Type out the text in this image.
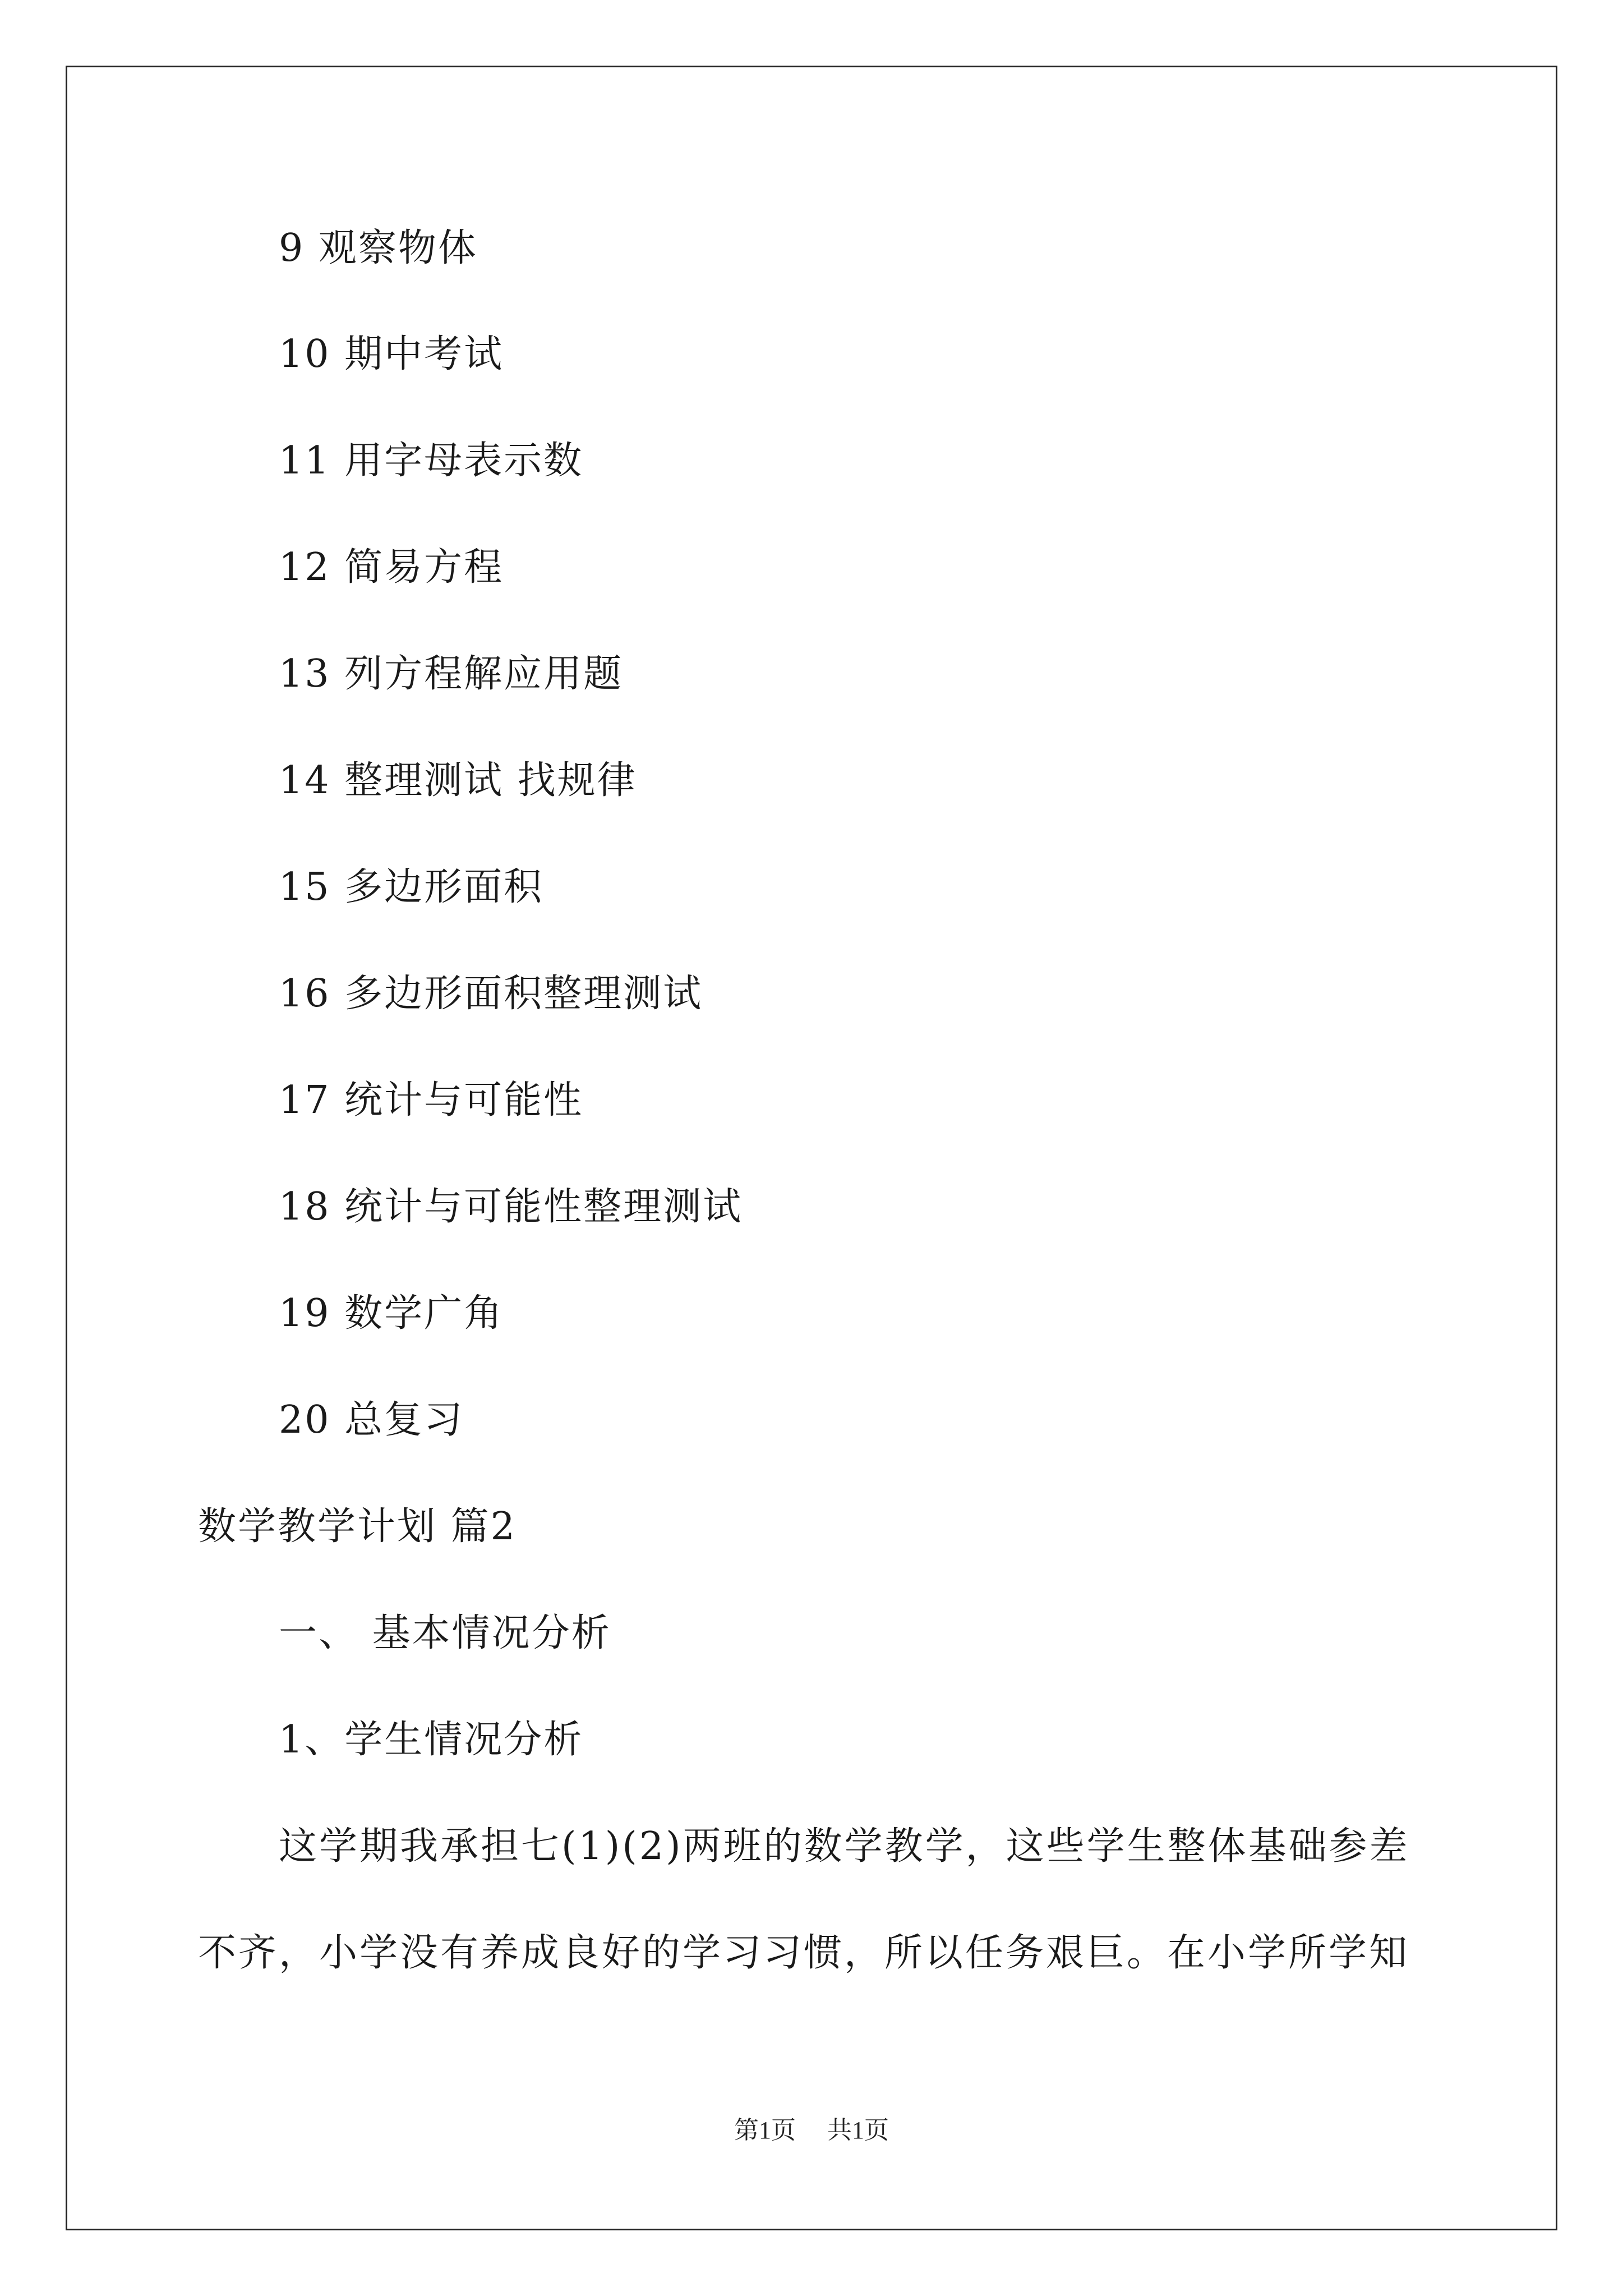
9 观察物体
10 期中考试
11 用字母表示数
12 简易方程
13 列方程解应用题
14 整理测试 找规律
15 多边形面积
16 多边形面积整理测试
17 统计与可能性
18 统计与可能性整理测试
19 数学广角
20 总复习
数学教学计划 篇2
一、 基本情况分析
1、学生情况分析
这学期我承担七(1)(2)两班的数学教学，这些学生整体基础参差
不齐，小学没有养成良好的学习习惯，所以任务艰巨。在小学所学知
第1页 共1页
